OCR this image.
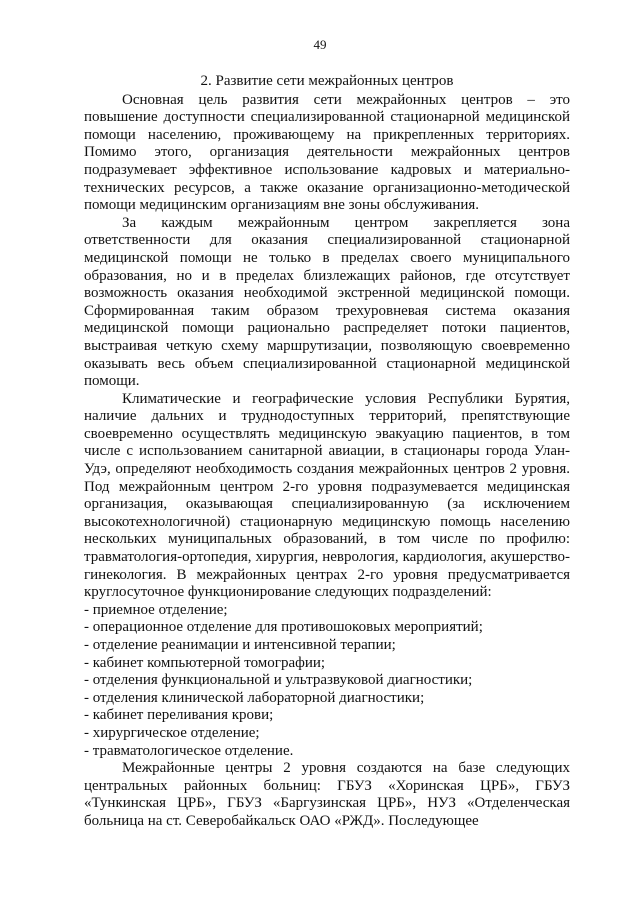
49
2. Развитие сети межрайонных центров

Основная цель развития сети межрайонных центров – это повышение доступности специализированной стационарной медицинской помощи населению, проживающему на прикрепленных территориях. Помимо этого, организация деятельности межрайонных центров подразумевает эффективное использование кадровых и материально-технических ресурсов, а также оказание организационно-методической помощи медицинским организациям вне зоны обслуживания.

За каждым межрайонным центром закрепляется зона ответственности для оказания специализированной стационарной медицинской помощи не только в пределах своего муниципального образования, но и в пределах близлежащих районов, где отсутствует возможность оказания необходимой экстренной медицинской помощи. Сформированная таким образом трехуровневая система оказания медицинской помощи рационально распределяет потоки пациентов, выстраивая четкую схему маршрутизации, позволяющую своевременно оказывать весь объем специализированной стационарной медицинской помощи.

Климатические и географические условия Республики Бурятия, наличие дальних и труднодоступных территорий, препятствующие своевременно осуществлять медицинскую эвакуацию пациентов, в том числе с использованием санитарной авиации, в стационары города Улан-Удэ, определяют необходимость создания межрайонных центров 2 уровня. Под межрайонным центром 2-го уровня подразумевается медицинская организация, оказывающая специализированную (за исключением высокотехнологичной) стационарную медицинскую помощь населению нескольких муниципальных образований, в том числе по профилю: травматология-ортопедия, хирургия, неврология, кардиология, акушерство-гинекология. В межрайонных центрах 2-го уровня предусматривается круглосуточное функционирование следующих подразделений:

- приемное отделение;
- операционное отделение для противошоковых мероприятий;
- отделение реанимации и интенсивной терапии;
- кабинет компьютерной томографии;
- отделения функциональной и ультразвуковой диагностики;
- отделения клинической лабораторной диагностики;
- кабинет переливания крови;
- хирургическое отделение;
- травматологическое отделение.

Межрайонные центры 2 уровня создаются на базе следующих центральных районных больниц: ГБУЗ «Хоринская ЦРБ», ГБУЗ «Тункинская ЦРБ», ГБУЗ «Баргузинская ЦРБ», НУЗ «Отделенческая больница на ст. Северобайкальск ОАО «РЖД». Последующее
